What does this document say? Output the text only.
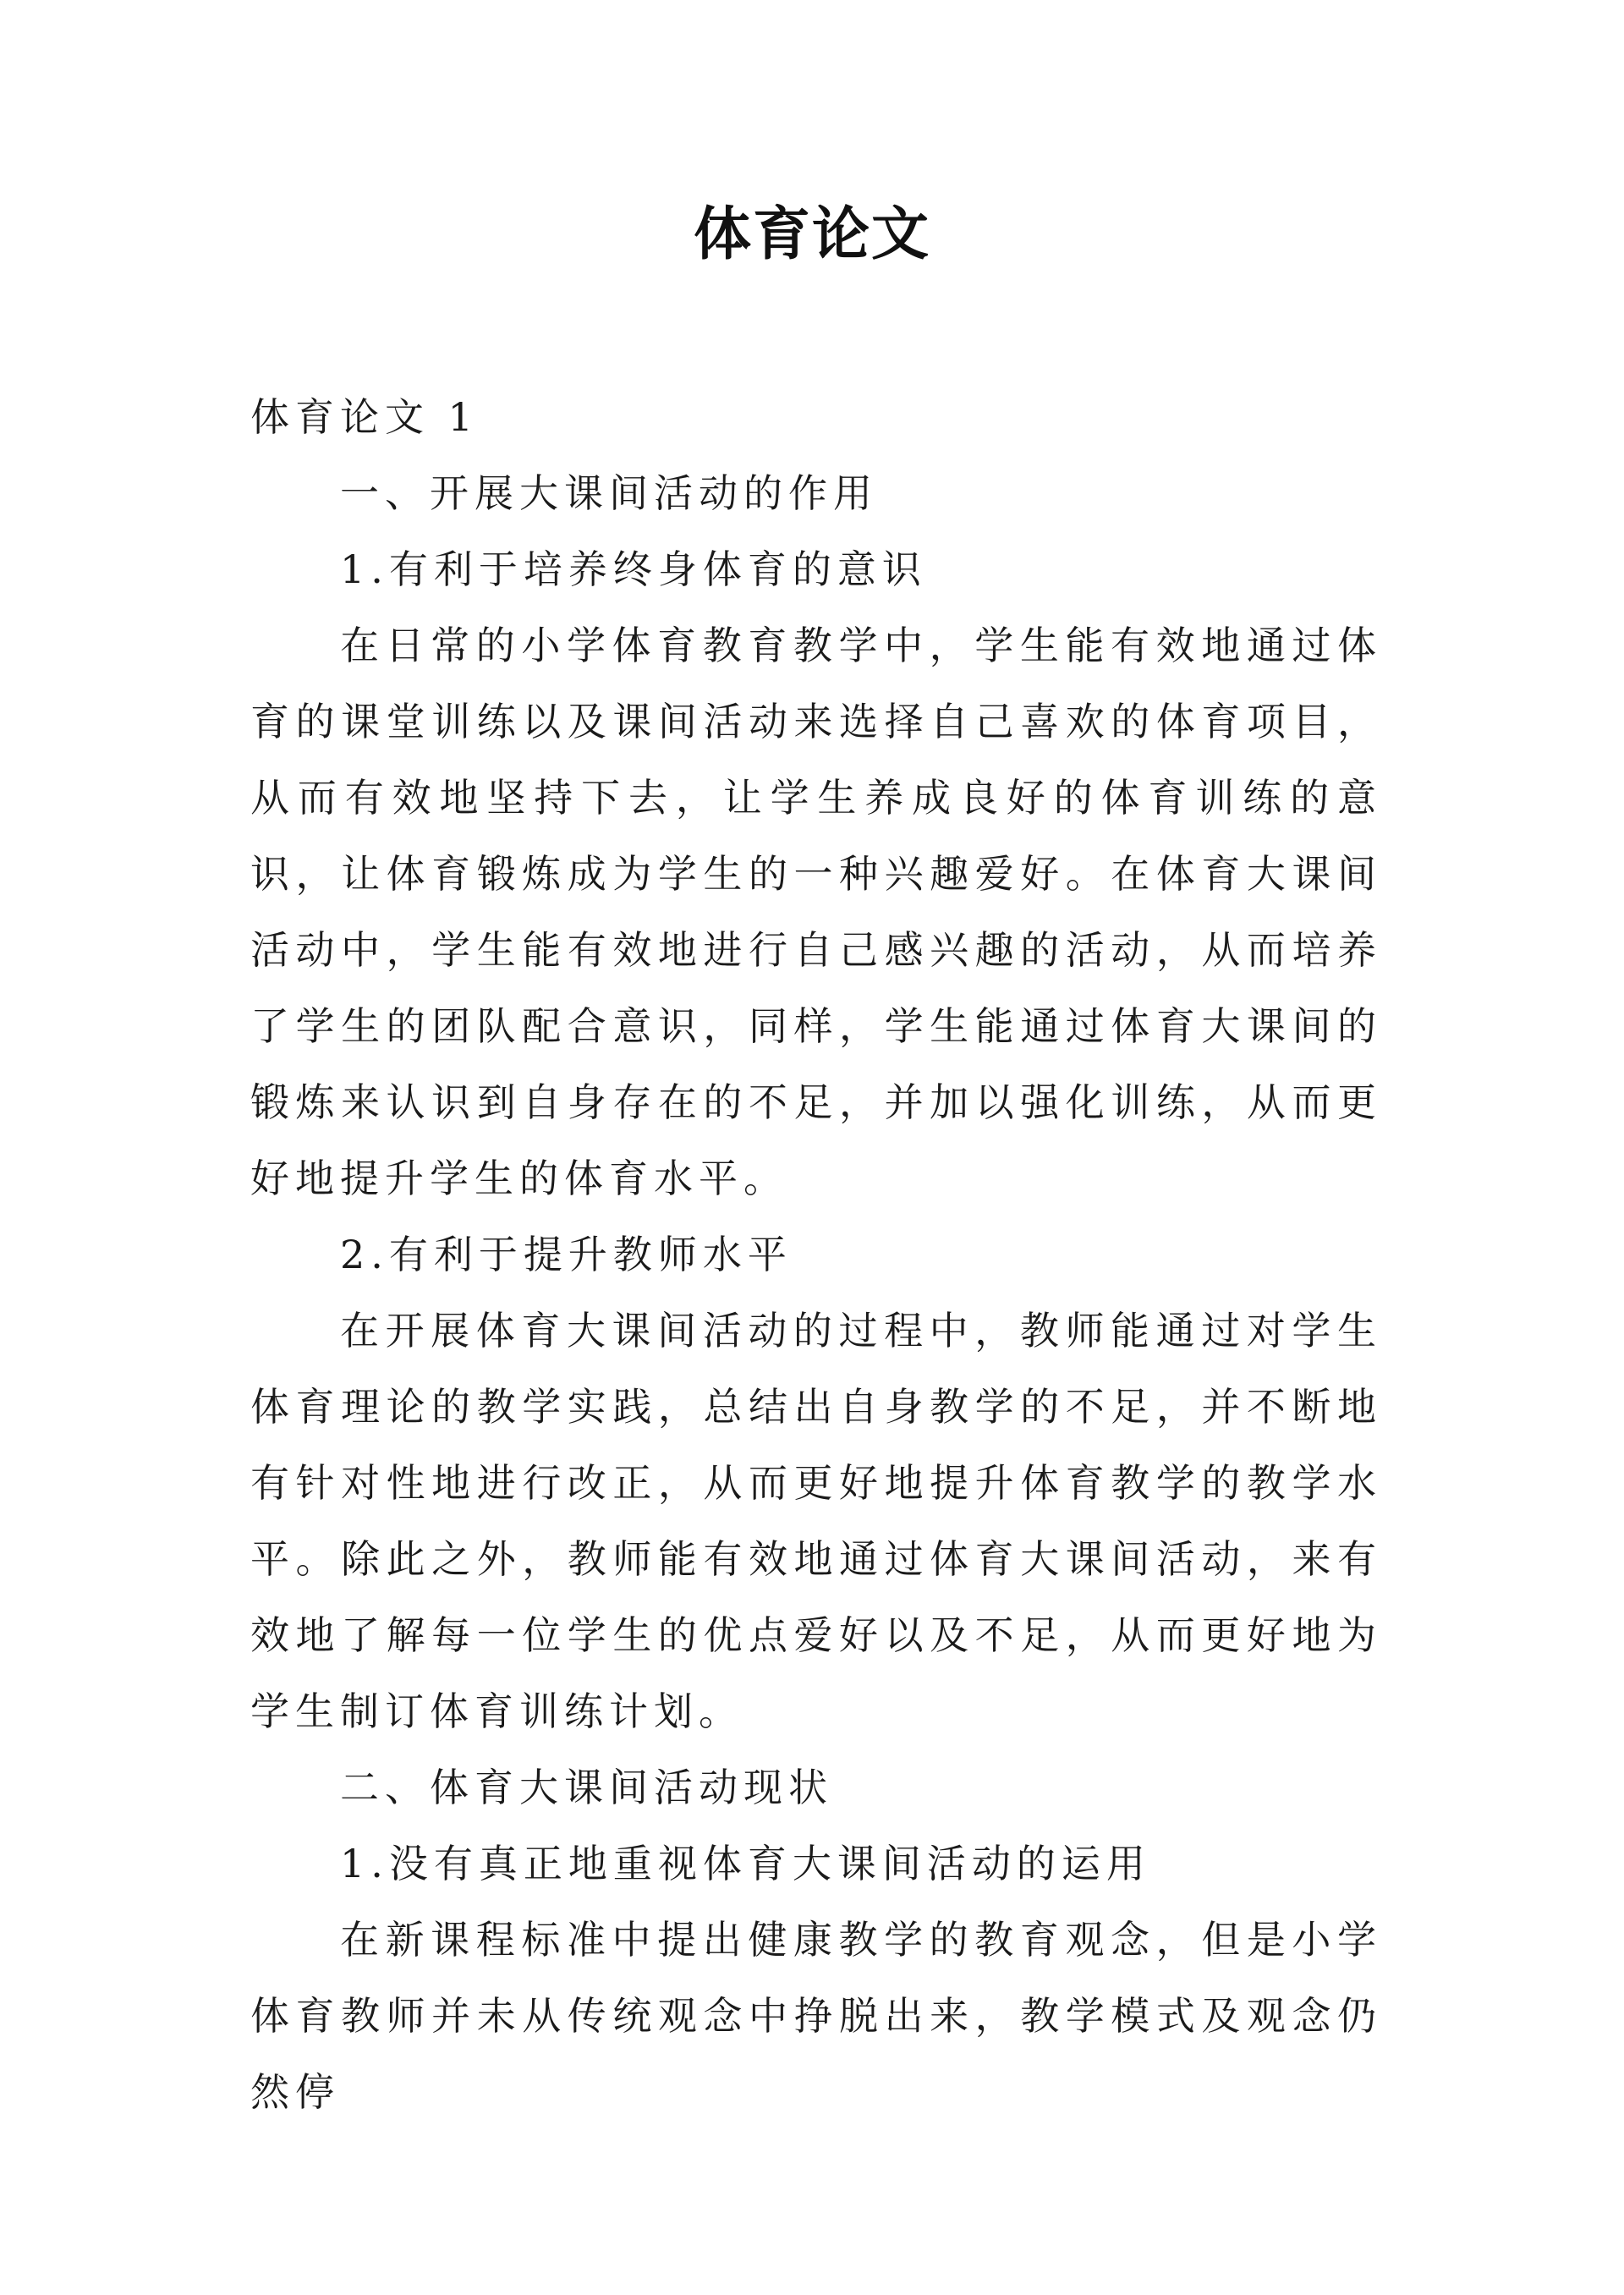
体育论文

体育论文 1

一、开展大课间活动的作用

1.有利于培养终身体育的意识

在日常的小学体育教育教学中，学生能有效地通过体育的课堂训练以及课间活动来选择自己喜欢的体育项目，从而有效地坚持下去，让学生养成良好的体育训练的意识，让体育锻炼成为学生的一种兴趣爱好。在体育大课间活动中，学生能有效地进行自己感兴趣的活动，从而培养了学生的团队配合意识，同样，学生能通过体育大课间的锻炼来认识到自身存在的不足，并加以强化训练，从而更好地提升学生的体育水平。

2.有利于提升教师水平

在开展体育大课间活动的过程中，教师能通过对学生体育理论的教学实践，总结出自身教学的不足，并不断地有针对性地进行改正，从而更好地提升体育教学的教学水平。除此之外，教师能有效地通过体育大课间活动，来有效地了解每一位学生的优点爱好以及不足，从而更好地为学生制订体育训练计划。

二、体育大课间活动现状

1.没有真正地重视体育大课间活动的运用

在新课程标准中提出健康教学的教育观念，但是小学体育教师并未从传统观念中挣脱出来，教学模式及观念仍然停
